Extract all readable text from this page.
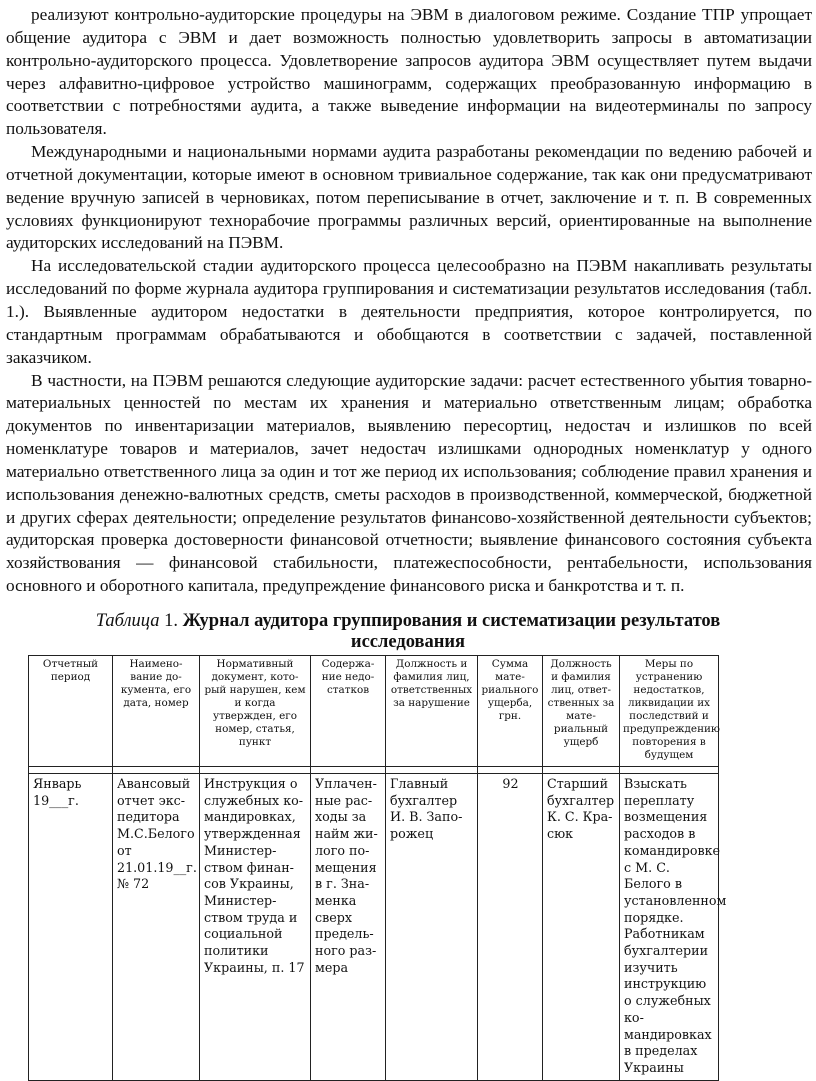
реализуют контрольно-аудиторские процедуры на ЭВМ в диалоговом режиме. Создание ТПР упрощает общение аудитора с ЭВМ и дает возможность полностью удовлетворить запросы в автоматизации контрольно-аудиторского процесса. Удовлетворение запросов аудитора ЭВМ осуществляет путем выдачи через алфавитно-цифровое устройство машинограмм, содержащих преобразованную информацию в соответствии с потребностями аудита, а также выведение информации на видеотерминалы по запросу пользователя.

Международными и национальными нормами аудита разработаны рекомендации по ведению рабочей и отчетной документации, которые имеют в основном тривиальное содержание, так как они предусматривают ведение вручную записей в черновиках, потом переписывание в отчет, заключение и т. п. В современных условиях функционируют технорабочие программы различных версий, ориентированные на выполнение аудиторских исследований на ПЭВМ.

На исследовательской стадии аудиторского процесса целесообразно на ПЭВМ накапливать результаты исследований по форме журнала аудитора группирования и систематизации результатов исследования (табл. 1.). Выявленные аудитором недостатки в деятельности предприятия, которое контролируется, по стандартным программам обрабатываются и обобщаются в соответствии с задачей, поставленной заказчиком.

В частности, на ПЭВМ решаются следующие аудиторские задачи: расчет естественного убытия товарно-материальных ценностей по местам их хранения и материально ответственным лицам; обработка документов по инвентаризации материалов, выявлению пересортиц, недостач и излишков по всей номенклатуре товаров и материалов, зачет недостач излишками однородных номенклатур у одного материально ответственного лица за один и тот же период их использования; соблюдение правил хранения и использования денежно-валютных средств, сметы расходов в производственной, коммерческой, бюджетной и других сферах деятельности; определение результатов финансово-хозяйственной деятельности субъектов; аудиторская проверка достоверности финансовой отчетности; выявление финансового состояния субъекта хозяйствования — финансовой стабильности, платежеспособности, рентабельности, использования основного и оборотного капитала, предупреждение финансового риска и банкротства и т. п.

Таблица 1. Журнал аудитора группирования и систематизации результатов исследования
Отчетный период	Наименование документа, его дата, номер	Нормативный документ, который нарушен, кем и когда утвержден, его номер, статья, пункт	Содержание недостатков	Должность и фамилия лиц, ответственных за нарушение	Сумма материального ущерба, грн.	Должность и фамилия лиц, ответственных за материальный ущерб	Меры по устранению недостатков, ликвидации их последствий и предупреждению повторения в будущем

Январь 19___г.	Авансовый отчет экспедитора М.С.Белого от 21.01.19__г. № 72	Инструкция о служебных командировках, утвержденная Министерством финансов Украины, Министерством труда и социальной политики Украины, п. 17	Уплаченные расходы за найм жилого помещения в г. Знаменка сверх предельного размера	Главный бухгалтер И. В. Запорожец	92	Старший бухгалтер К. С. Красюк	Взыскать переплату возмещения расходов в командировке с М. С. Белого в установленном порядке. Работникам бухгалтерии изучить инструкцию о служебных командировках в пределах Украины
